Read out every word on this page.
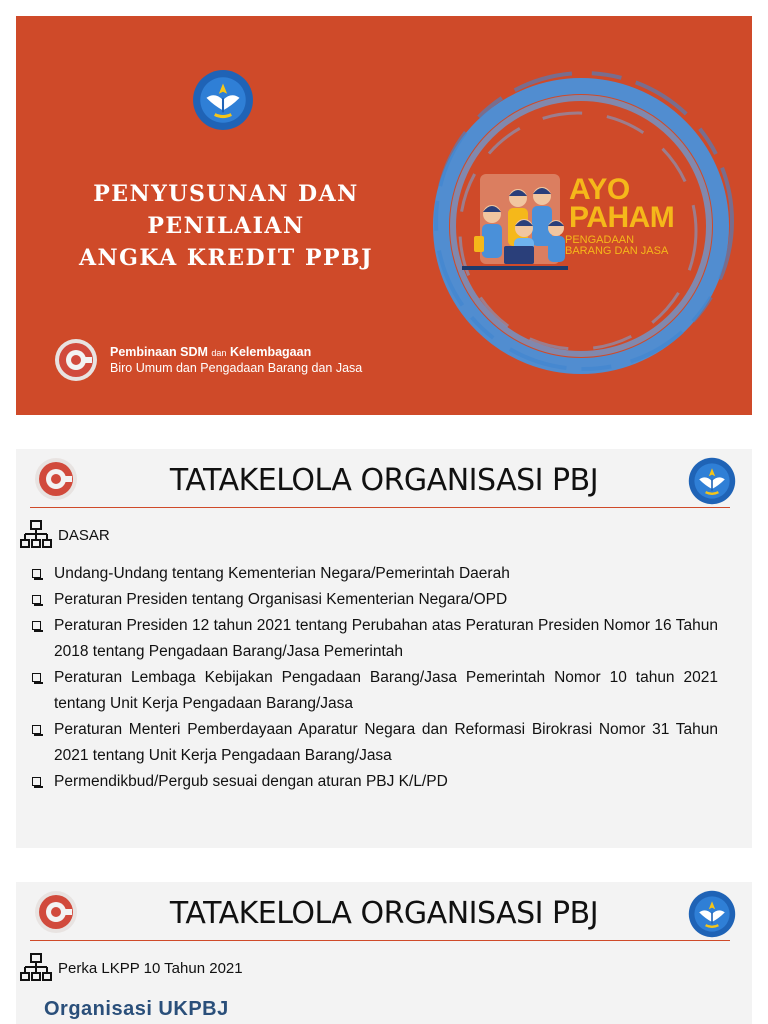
PENYUSUNAN DAN PENILAIAN
ANGKA KREDIT PPBJ
AYO
PAHAM
PENGADAAN
BARANG DAN JASA
Pembinaan SDM dan Kelembagaan
Biro Umum dan Pengadaan Barang dan Jasa
TATAKELOLA ORGANISASI PBJ
DASAR
Undang-Undang tentang Kementerian Negara/Pemerintah Daerah
Peraturan Presiden tentang Organisasi Kementerian Negara/OPD
Peraturan Presiden 12 tahun 2021 tentang Perubahan atas Peraturan Presiden Nomor 16 Tahun 2018 tentang Pengadaan Barang/Jasa Pemerintah
Peraturan Lembaga Kebijakan Pengadaan Barang/Jasa Pemerintah Nomor 10 tahun 2021 tentang Unit Kerja Pengadaan Barang/Jasa
Peraturan Menteri Pemberdayaan Aparatur Negara dan Reformasi Birokrasi Nomor 31 Tahun 2021 tentang Unit Kerja Pengadaan Barang/Jasa
Permendikbud/Pergub sesuai dengan aturan PBJ K/L/PD
TATAKELOLA ORGANISASI PBJ
Perka LKPP 10 Tahun 2021
Organisasi UKPBJ
